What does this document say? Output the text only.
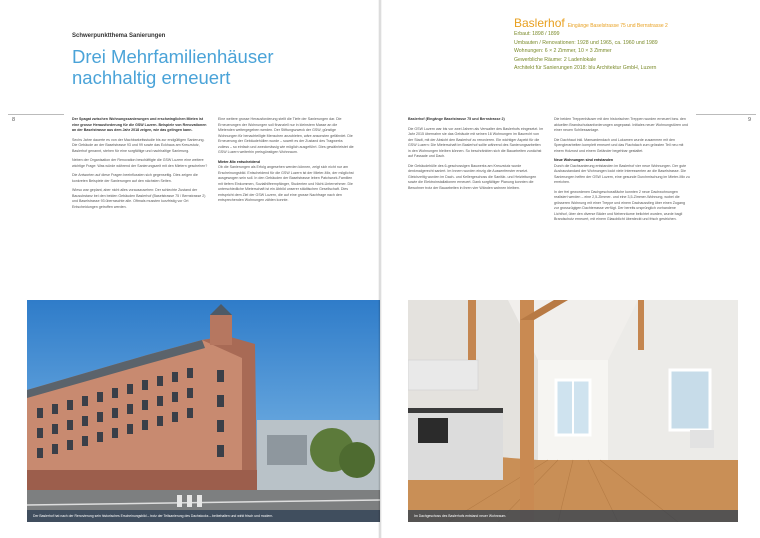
Schwerpunktthema Sanierungen
Drei Mehrfamilienhäuser nachhaltig erneuert
8	Der Spagat zwischen Wohnungssanierungen und erschwinglichen Mieten ist eine grosse Herausforderung für die GSW Luzern. Beispiele von Renovationen an der Baselstrasse aus dem Jahr 2018 zeigen, wie das gelingen kann.

Sechs Jahre dauerte es von der Machbarkeitsstudie bis zur endgültigen Sanierung. Die Gebäude an der Baselstrasse 93 und 99 sowie das Eckhaus am Kreuzstutz, Baslerhof genannt, stehen für eine sorgfältige und nachhaltige Sanierung.

Neben der Organisation der Renovation beschäftigte die GSW Luzern eine weitere wichtige Frage: Was würde während der Sanierungszeit mit den Mietern geschehen?

Die Antworten auf diese Fragen beeinflussten sich gegenseitig. Dies zeigen die konkreten Beispiele der Sanierungen auf den nächsten Seiten.

Wieso war geplant, aber nicht alles vorauszusehen: Der schlechte Zustand der Bausubstanz bei den beiden Gebäuden Baslerhof (Baselstrasse 75 / Bernstrasse 2) und Baselstrasse 93 überraschte alle. Oftmals mussten kurzfristig vor Ort Entscheidungen getroffen werden.

Eine weitere grosse Herausforderung stellt die Tiefe der Sanierungen dar. Die Erneuerungen der Wohnungen soll finanziell nur in kleinstem Masse an die Mietenden weitergegeben werden. Der Stiftungszweck der GSW, günstige Wohnungen für benachteiligte Menschen anzubieten, wäre ansonsten gefährdet. Die Erneuerung der Gebäudehüllen wurde – soweit es der Zustand des Tragwerks zuliess – so einfach und zweckmässig wie möglich ausgeführt. Dies gewährleistet die GSW Luzern weiterhin preisgünstigen Wohnraum.

Mieter-Mix entscheidend

Ob die Sanierungen als Erfolg angesehen werden können, zeigt sich nicht nur am Erscheinungsbild. Entscheidend für die GSW Luzern ist der Mieter-Mix, der möglichst ausgewogen sein soll. In den Gebäuden der Baselstrasse leben Patchwork-Familien mit tiefem Einkommen, Sozialhilfeempfänger, Studenten und Nicht-Unternehmer. Die unterschiedliche Mieterschaft ist ein Abbild unserer städtischen Gesellschaft. Dies entspricht dem Ziel der GSW Luzern, die auf eine grosse Nachfrage nach den entsprechenden Wohnungen zählen konnte.

Der Baslerhof hat nach der Renovierung sein historisches Erscheinungsbild – trotz der Teilsanierung des Dachstocks – beibehalten und wirkt frisch und modern.
Baslerhof Eingänge Baselstrasse 75 und Bernstrasse 2
Erbaut: 1898 / 1899
Umbauten / Renovationen: 1928 und 1965, ca. 1960 und 1989
Wohnungen: 6 × 2 Zimmer, 10 × 3 Zimmer
Gewerbliche Räume: 2 Ladenlokale
Architekt für Sanierungen 2018: blu Architektur GmbH, Luzern
9

Baslerhof (Eingänge Baselstrasse 75 und Bernstrasse 2)

Die GSW Luzern war bis vor zwei Jahren als Verwalter des Baslerhofs eingesetzt. Im Jahr 2015 übernahm sie das Gebäude mit seinen 16 Wohnungen im Baurecht von der Stadt, mit der Absicht den Baslerhof zu renovieren. Ein wichtiger Aspekt für die GSW Luzern: Die Mieterschaft im Baslerhof sollte während des Sanierungsarbeiten in den Wohnungen bleiben können. So beschränkten sich die Bauarbeiten zunächst auf Fassade und Dach.

Die Gebäudehülle des 6-geschossigen Bauwerks am Kreuzstutz wurde denkmalgerecht saniert. Im Innern wurden einzig die Aussenfenster ersetzt. Gleichzeitig wurden im Dach- und Kellergeschoss die Sanitär- und Heizleitungen sowie die Elektroinstallationen erneuert. Dank sorgfältiger Planung konnten die Bewohner trotz der Bauarbeiten in ihren vier Wänden wohnen bleiben.

Die beiden Treppenhäuser mit den historischen Treppen wurden erneuert bzw. den aktuellen Brandschutzanforderungen angepasst. Initiales neuer Wohnungstüren und einer neuen Schliessanlage.

Die Dachhaut inkl. Mansardendach und Lukarnen wurde zusammen mit den Spenglerarbeiten komplett erneuert und das Flachdach zum grössten Teil neu mit einem Holzrost und einem Geländer begehbar gestaltet.

Neue Wohnungen sind entstanden

Durch die Dachsanierung entstanden im Baslerhof vier neue Wohnungen. Der gute Ausbaustandard der Wohnungen lockt viele Interessenten an die Baselstrasse. Die Sanierungen helfen der GSW Luzern, eine gesunde Durchmischung im Mieter-Mix zu erreichen.

In der frei gewordenen Dachgeschossfläche konnten 2 neue Dachwohnungen realisiert werden – eine 2,5-Zimmer- und eine 3,5-Zimmer-Wohnung, wobei die grösseren Wohnung mit einer Treppe und einem Dachausstieg über einen Zugang zur grosszügigen Dachterrasse verfügt. Der bereits ursprünglich vorhandene Lichthof, über den diverse Bäder und Nebenräume belichtet wurden, wurde bagli Brandschutz erneuert, mit einem Glasoblicht überdeckt und frisch gestrichen.

Im Dachgeschoss des Baslerhofs entstand neuer Wohnraum.
